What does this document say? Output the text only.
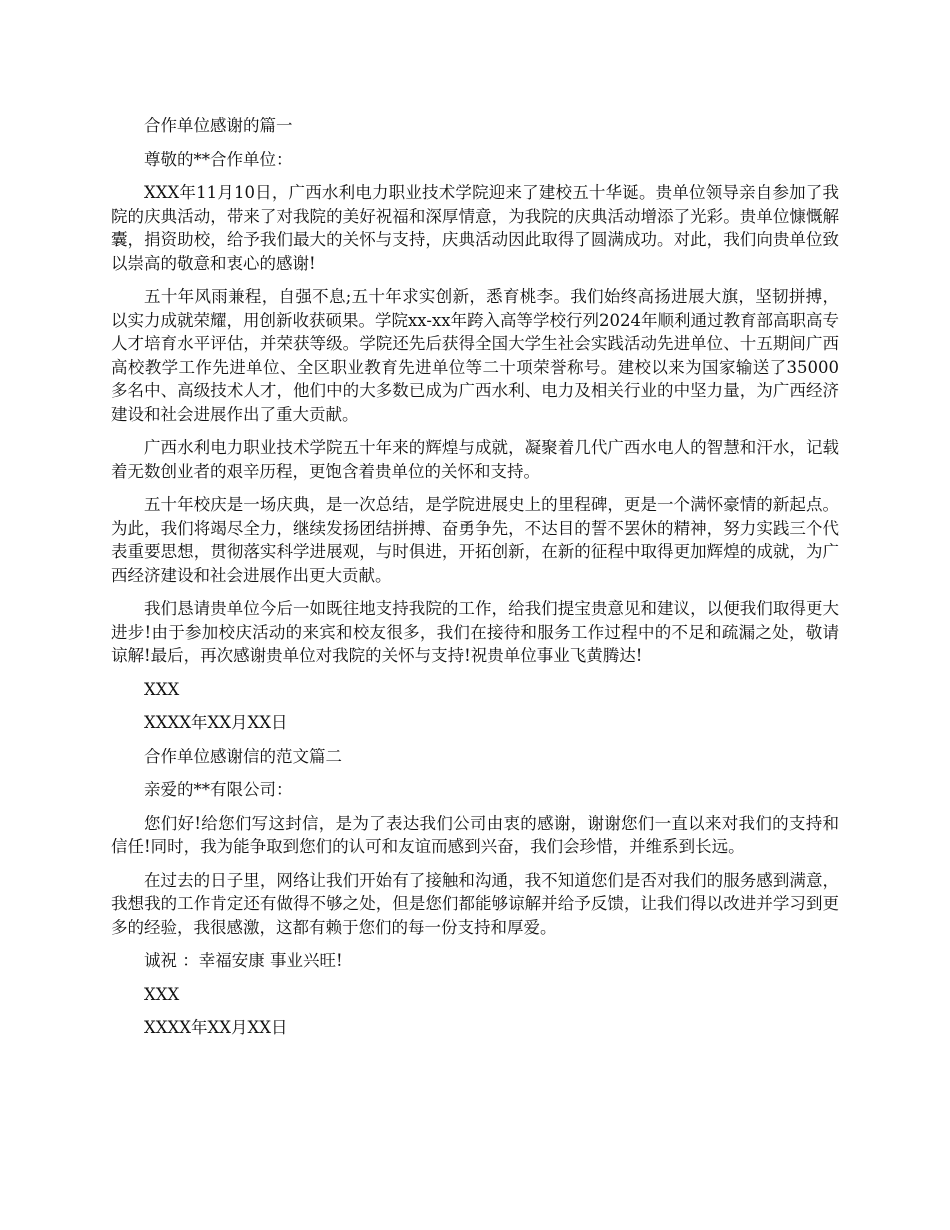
合作单位感谢的篇一

尊敬的**合作单位：

XXX年11月10日，广西水利电力职业技术学院迎来了建校五十华诞。贵单位领导亲自参加了我院的庆典活动，带来了对我院的美好祝福和深厚情意，为我院的庆典活动增添了光彩。贵单位慷慨解囊，捐资助校，给予我们最大的关怀与支持，庆典活动因此取得了圆满成功。对此，我们向贵单位致以崇高的敬意和衷心的感谢!

五十年风雨兼程，自强不息;五十年求实创新，悉育桃李。我们始终高扬进展大旗，坚韧拼搏，以实力成就荣耀，用创新收获硕果。学院xx-xx年跨入高等学校行列2024年顺利通过教育部高职高专人才培育水平评估，并荣获等级。学院还先后获得全国大学生社会实践活动先进单位、十五期间广西高校教学工作先进单位、全区职业教育先进单位等二十项荣誉称号。建校以来为国家输送了35000多名中、高级技术人才，他们中的大多数已成为广西水利、电力及相关行业的中坚力量，为广西经济建设和社会进展作出了重大贡献。

广西水利电力职业技术学院五十年来的辉煌与成就，凝聚着几代广西水电人的智慧和汗水，记载着无数创业者的艰辛历程，更饱含着贵单位的关怀和支持。

五十年校庆是一场庆典，是一次总结，是学院进展史上的里程碑，更是一个满怀豪情的新起点。为此，我们将竭尽全力，继续发扬团结拼搏、奋勇争先，不达目的誓不罢休的精神，努力实践三个代表重要思想，贯彻落实科学进展观，与时俱进，开拓创新，在新的征程中取得更加辉煌的成就，为广西经济建设和社会进展作出更大贡献。

我们恳请贵单位今后一如既往地支持我院的工作，给我们提宝贵意见和建议，以便我们取得更大进步!由于参加校庆活动的来宾和校友很多，我们在接待和服务工作过程中的不足和疏漏之处，敬请谅解!最后，再次感谢贵单位对我院的关怀与支持!祝贵单位事业飞黄腾达!

XXX

XXXX年XX月XX日

合作单位感谢信的范文篇二

亲爱的**有限公司：

您们好!给您们写这封信，是为了表达我们公司由衷的感谢，谢谢您们一直以来对我们的支持和信任!同时，我为能争取到您们的认可和友谊而感到兴奋，我们会珍惜，并维系到长远。

在过去的日子里，网络让我们开始有了接触和沟通，我不知道您们是否对我们的服务感到满意，我想我的工作肯定还有做得不够之处，但是您们都能够谅解并给予反馈，让我们得以改进并学习到更多的经验，我很感激，这都有赖于您们的每一份支持和厚爱。

诚祝 ：幸福安康 事业兴旺!

XXX

XXXX年XX月XX日
